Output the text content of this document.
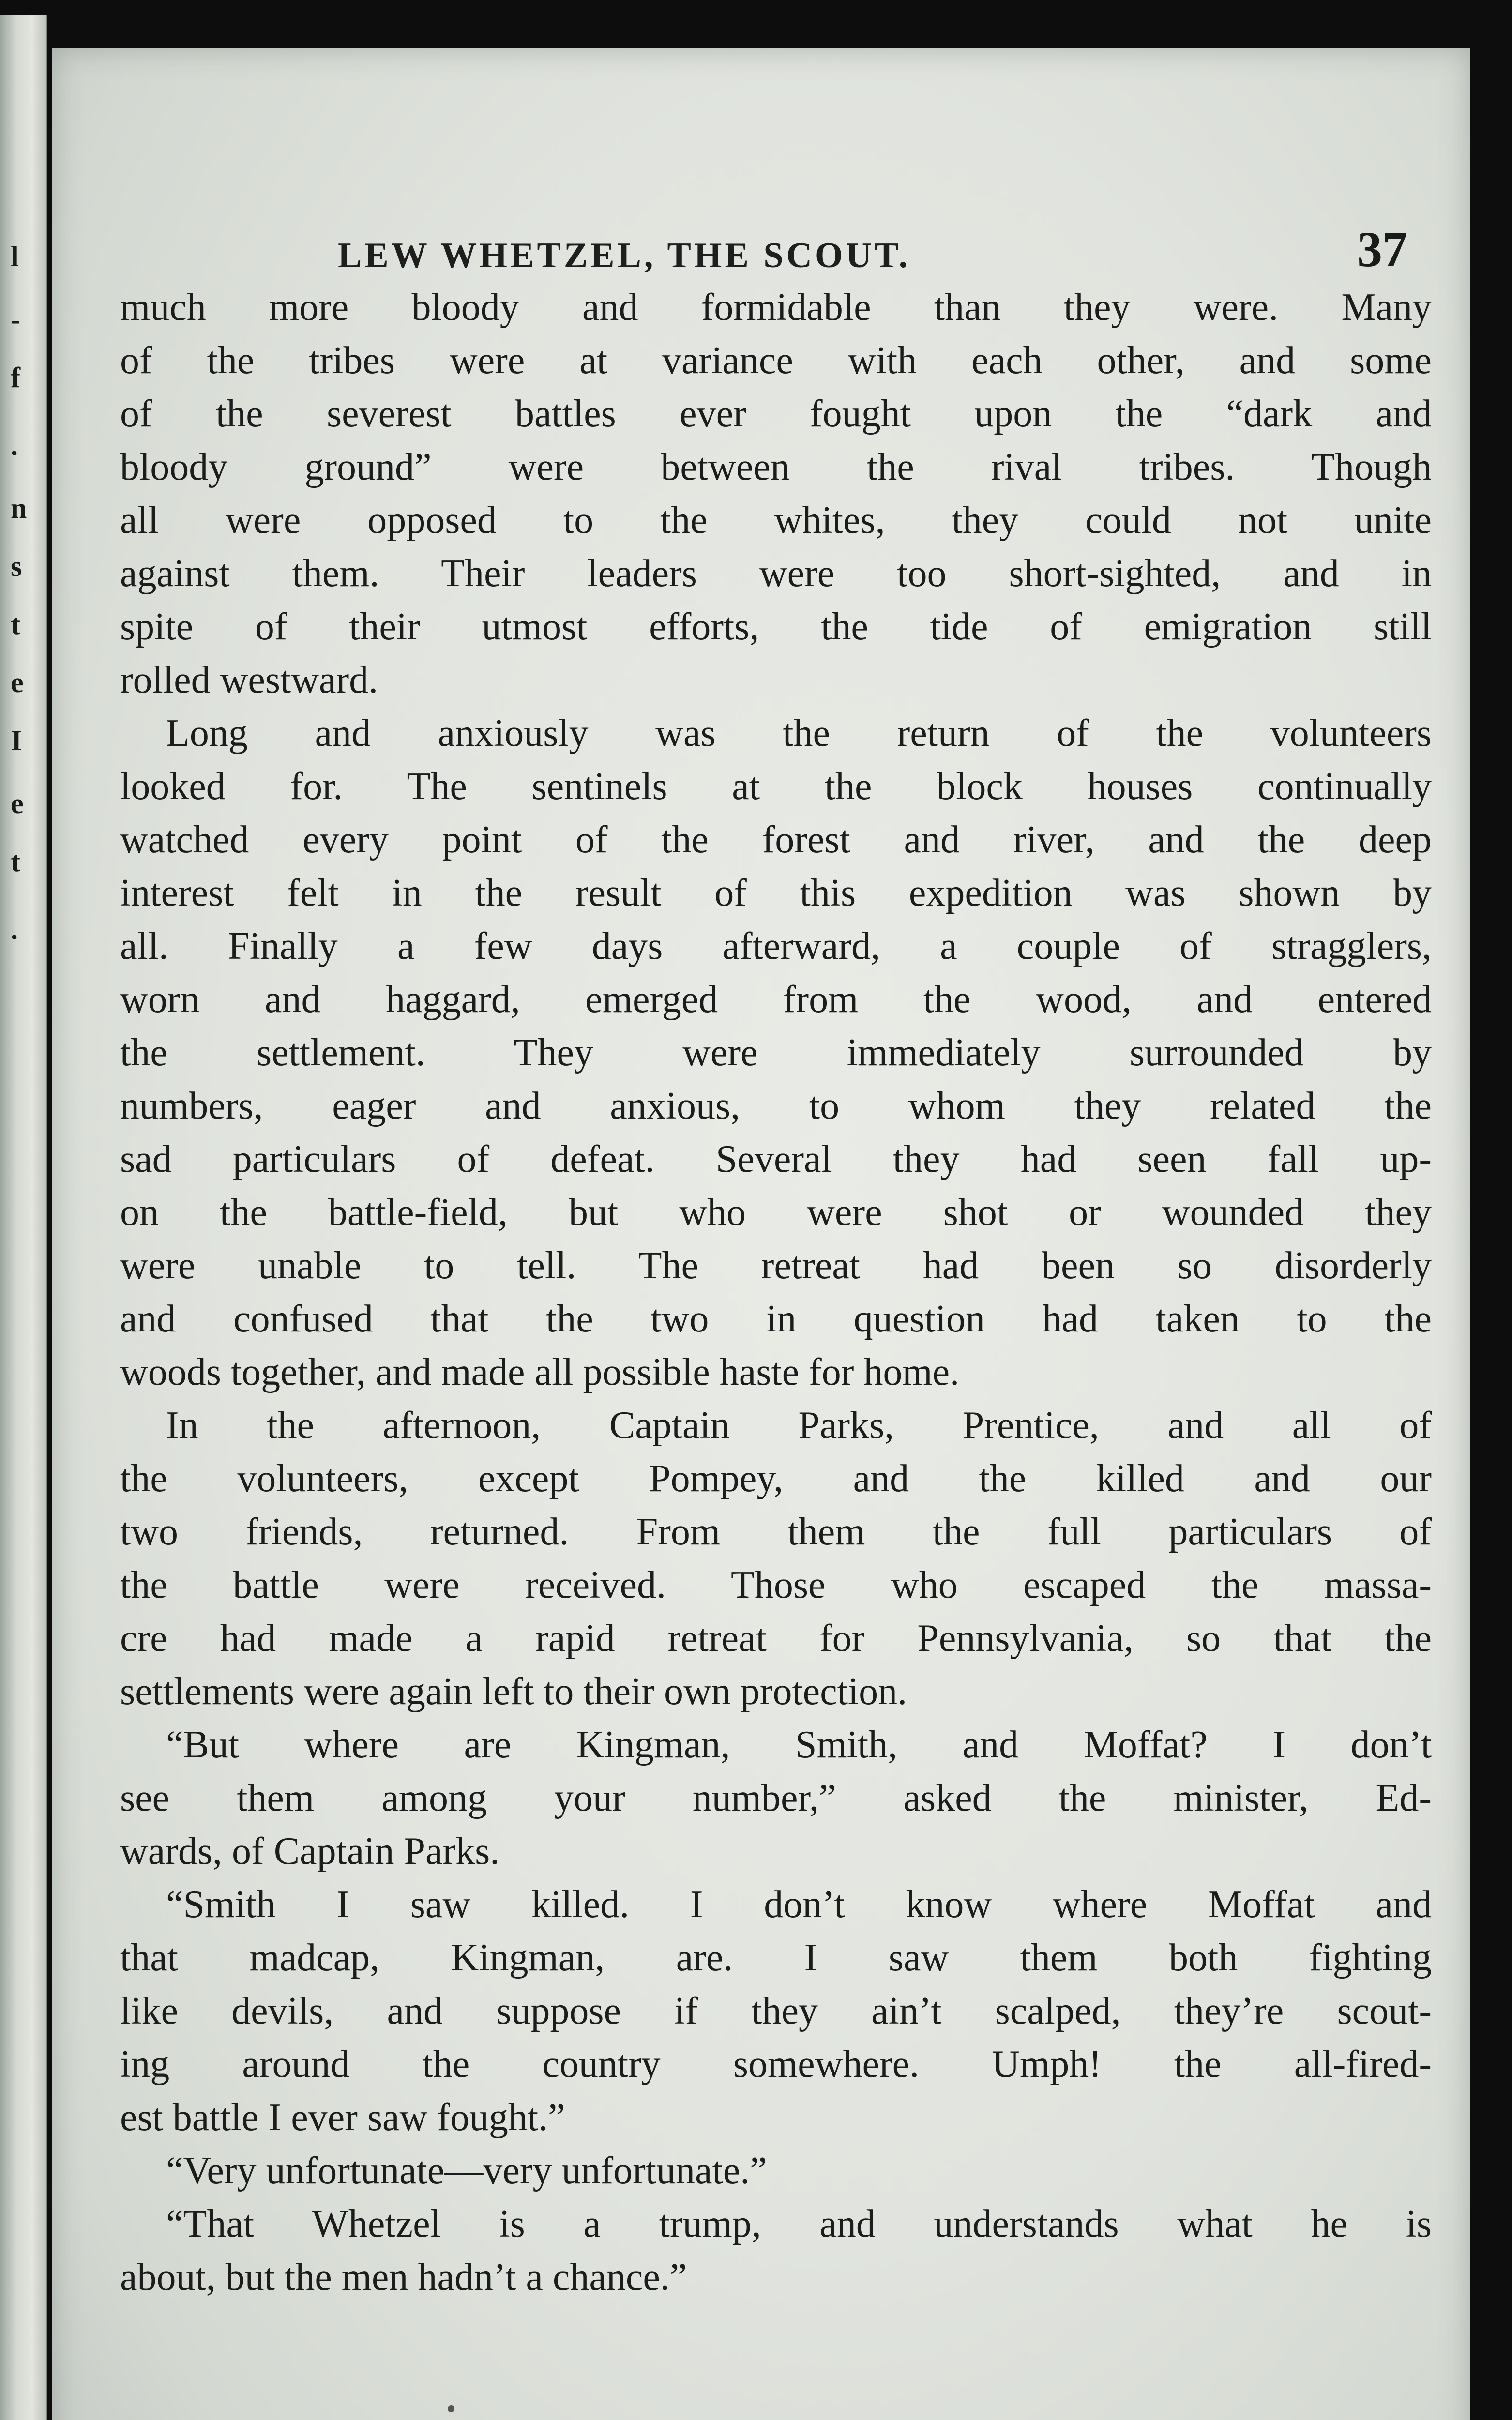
l
-
f
.
n
s
t
e
I
e
t
.
LEW WHETZEL, THE SCOUT.	37
much more bloody and formidable than they were. Many
of the tribes were at variance with each other, and some
of the severest battles ever fought upon the “dark and
bloody ground” were between the rival tribes. Though
all were opposed to the whites, they could not unite
against them. Their leaders were too short-sighted, and in
spite of their utmost efforts, the tide of emigration still
rolled westward.
Long and anxiously was the return of the volunteers
looked for. The sentinels at the block houses continually
watched every point of the forest and river, and the deep
interest felt in the result of this expedition was shown by
all. Finally a few days afterward, a couple of stragglers,
worn and haggard, emerged from the wood, and entered
the settlement. They were immediately surrounded by
numbers, eager and anxious, to whom they related the
sad particulars of defeat. Several they had seen fall up-
on the battle-field, but who were shot or wounded they
were unable to tell. The retreat had been so disorderly
and confused that the two in question had taken to the
woods together, and made all possible haste for home.
In the afternoon, Captain Parks, Prentice, and all of
the volunteers, except Pompey, and the killed and our
two friends, returned. From them the full particulars of
the battle were received. Those who escaped the massa-
cre had made a rapid retreat for Pennsylvania, so that the
settlements were again left to their own protection.
“But where are Kingman, Smith, and Moffat? I don’t
see them among your number,” asked the minister, Ed-
wards, of Captain Parks.
“Smith I saw killed. I don’t know where Moffat and
that madcap, Kingman, are. I saw them both fighting
like devils, and suppose if they ain’t scalped, they’re scout-
ing around the country somewhere. Umph! the all-fired-
est battle I ever saw fought.”
“Very unfortunate—very unfortunate.”
“That Whetzel is a trump, and understands what he is
about, but the men hadn’t a chance.”
